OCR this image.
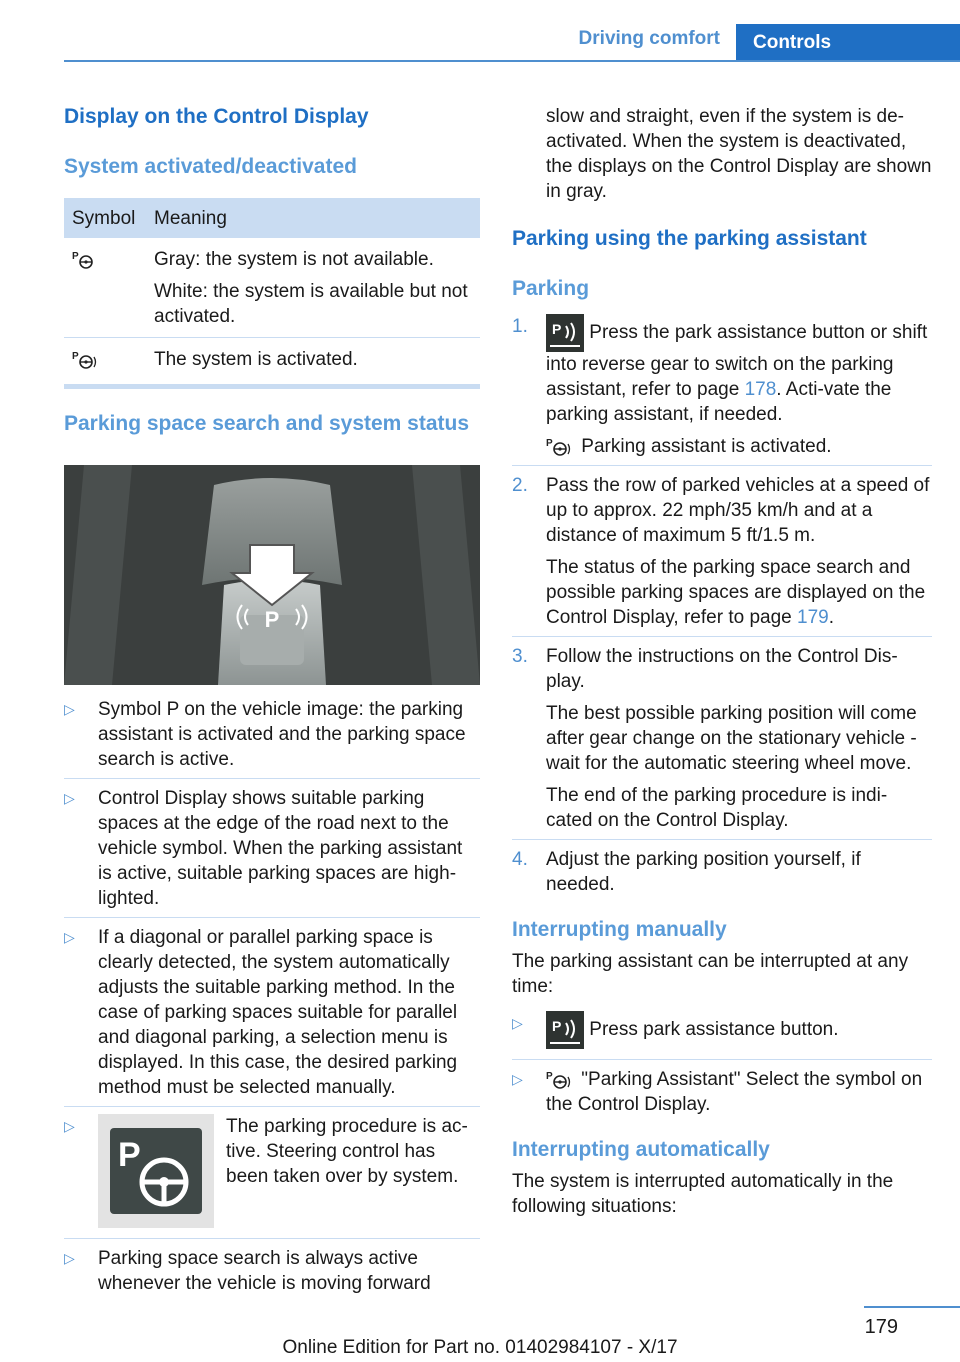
Driving comfort	Controls
Display on the Control Display
System activated/deactivated
Symbol	Meaning

P	Gray: the system is not available.
White: the system is available but not activated.

P	The system is activated.
Parking space search and system status
P
▷ Symbol P on the vehicle image: the parking assistant is activated and the parking space search is active.
▷ Control Display shows suitable parking spaces at the edge of the road next to the vehicle symbol. When the parking assistant is active, suitable parking spaces are high-lighted.
▷ If a diagonal or parallel parking space is clearly detected, the system automatically adjusts the suitable parking method. In the case of parking spaces suitable for parallel and diagonal parking, a selection menu is displayed. In this case, the desired parking method must be selected manually.
▷
P
The parking procedure is ac-tive. Steering control has been taken over by system.
▷ Parking space search is always active whenever the vehicle is moving forward
slow and straight, even if the system is de-activated. When the system is deactivated, the displays on the Control Display are shown in gray.
Parking using the parking assistant
Parking
1. P Press the park assistance button or shift into reverse gear to switch on the parking assistant, refer to page 178. Acti-vate the parking assistant, if needed.
P Parking assistant is activated.
2. Pass the row of parked vehicles at a speed of up to approx. 22 mph/35 km/h and at a distance of maximum 5 ft/1.5 m.
The status of the parking space search and possible parking spaces are displayed on the Control Display, refer to page 179.
3. Follow the instructions on the Control Dis-play.
The best possible parking position will come after gear change on the stationary vehicle - wait for the automatic steering wheel move.
The end of the parking procedure is indi-cated on the Control Display.
4. Adjust the parking position yourself, if needed.
Interrupting manually
The parking assistant can be interrupted at any time:
▷ P Press park assistance button.
▷ P "Parking Assistant" Select the symbol on the Control Display.
Interrupting automatically
The system is interrupted automatically in the following situations:
179
Online Edition for Part no. 01402984107 - X/17
